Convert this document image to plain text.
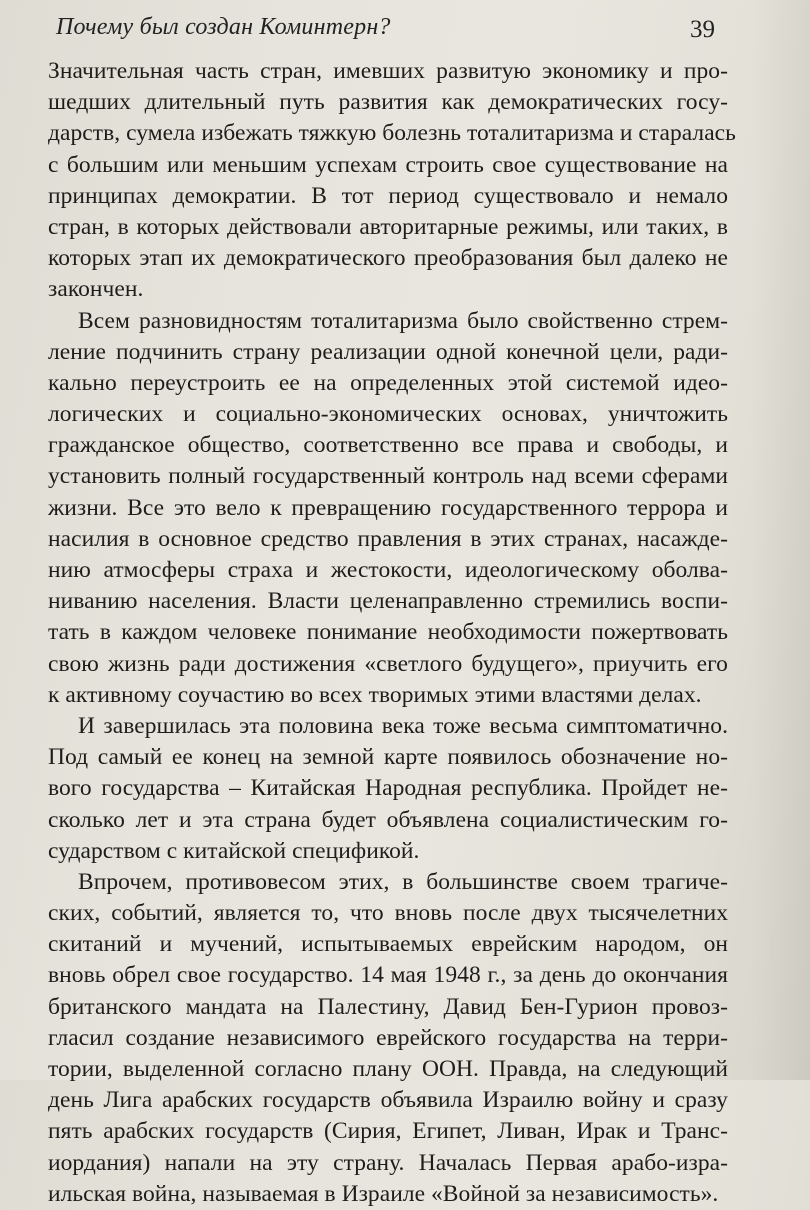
Почему был создан Коминтерн?	39
Значительная часть стран, имевших развитую экономику и про-
шедших длительный путь развития как демократических госу-
дарств, сумела избежать тяжкую болезнь тоталитаризма и старалась
с большим или меньшим успехам строить свое существование на
принципах демократии. В тот период существовало и немало
стран, в которых действовали авторитарные режимы, или таких, в
которых этап их демократического преобразования был далеко не
закончен.
Всем разновидностям тоталитаризма было свойственно стрем-
ление подчинить страну реализации одной конечной цели, ради-
кально переустроить ее на определенных этой системой идео-
логических и социально-экономических основах, уничтожить
гражданское общество, соответственно все права и свободы, и
установить полный государственный контроль над всеми сферами
жизни. Все это вело к превращению государственного террора и
насилия в основное средство правления в этих странах, насажде-
нию атмосферы страха и жестокости, идеологическому оболва-
ниванию населения. Власти целенаправленно стремились воспи-
тать в каждом человеке понимание необходимости пожертвовать
свою жизнь ради достижения «светлого будущего», приучить его
к активному соучастию во всех творимых этими властями делах.
И завершилась эта половина века тоже весьма симптоматично.
Под самый ее конец на земной карте появилось обозначение но-
вого государства – Китайская Народная республика. Пройдет не-
сколько лет и эта страна будет объявлена социалистическим го-
сударством с китайской спецификой.
Впрочем, противовесом этих, в большинстве своем трагиче-
ских, событий, является то, что вновь после двух тысячелетних
скитаний и мучений, испытываемых еврейским народом, он
вновь обрел свое государство. 14 мая 1948 г., за день до окончания
британского мандата на Палестину, Давид Бен-Гурион провоз-
гласил создание независимого еврейского государства на терри-
тории, выделенной согласно плану ООН. Правда, на следующий
день Лига арабских государств объявила Израилю войну и сразу
пять арабских государств (Сирия, Египет, Ливан, Ирак и Транс-
иордания) напали на эту страну. Началась Первая арабо-изра-
ильская война, называемая в Израиле «Войной за независимость».
